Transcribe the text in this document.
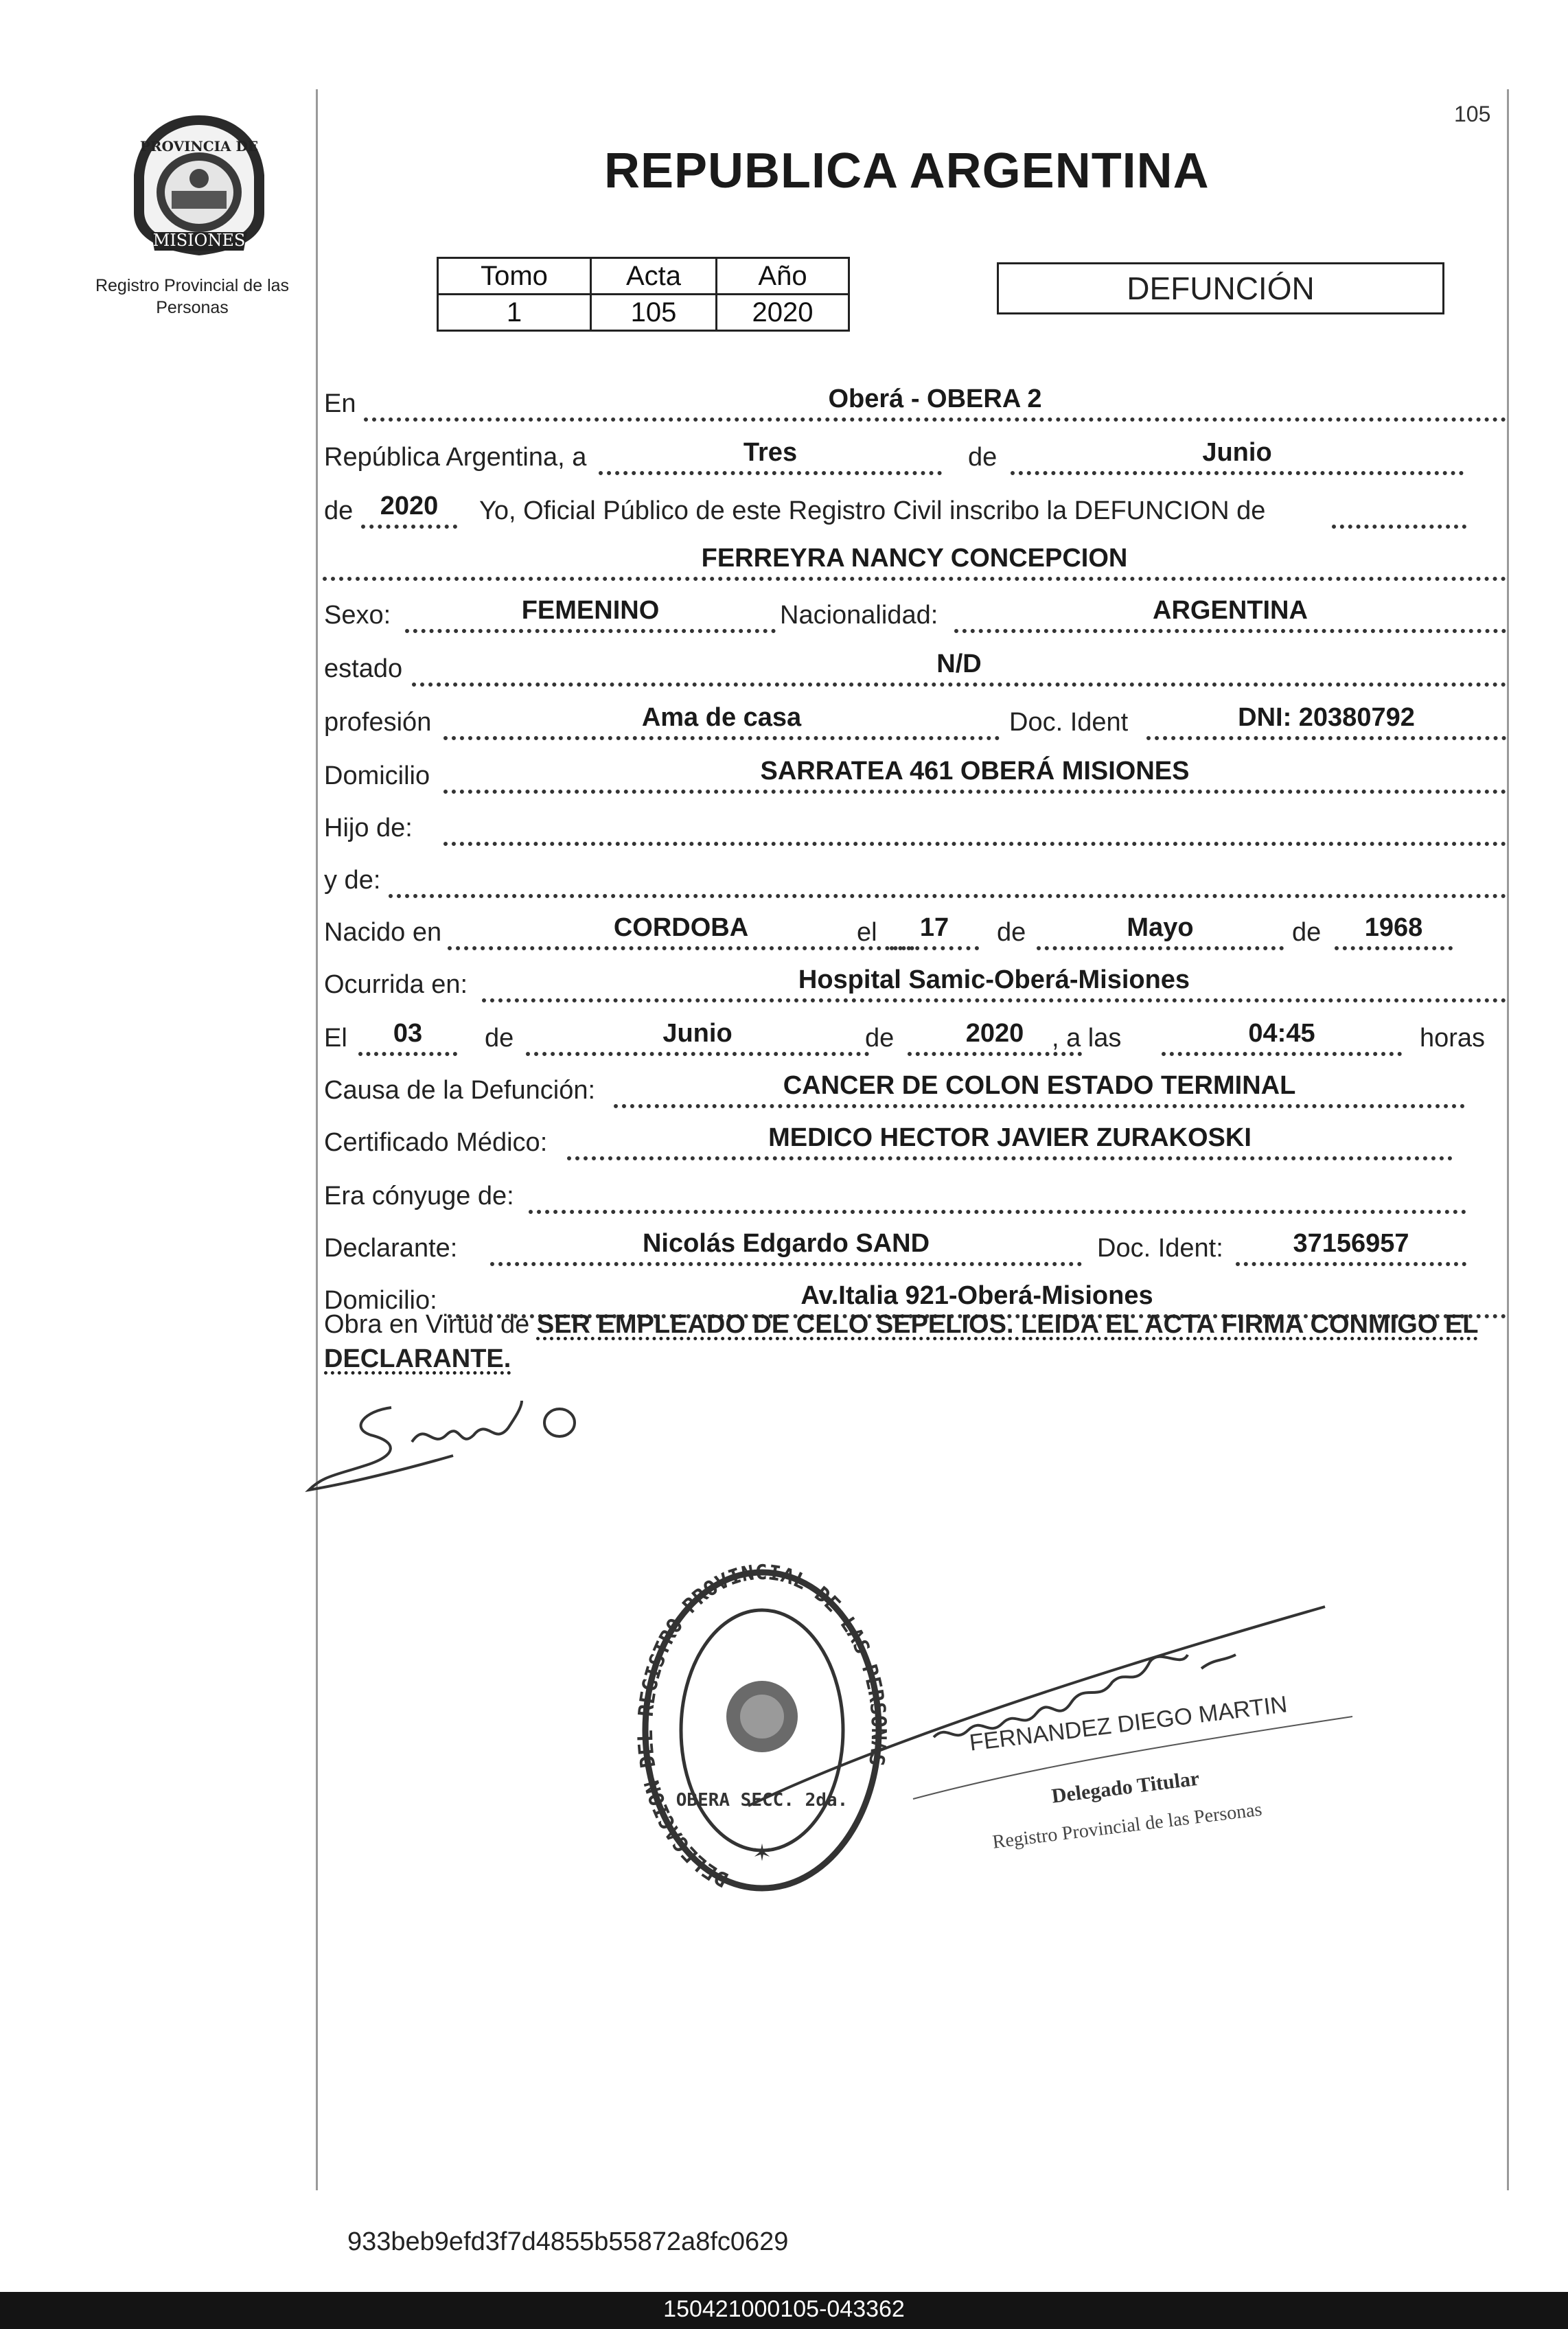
PROVINCIA DE
MISIONES
Registro Provincial de las Personas
105
REPUBLICA ARGENTINA
Tomo	Acta	Año
1	105	2020
DEFUNCIÓN
En	Oberá - OBERA 2
República Argentina, a	Tres	de	Junio
de	2020	Yo, Oficial Público de este Registro Civil inscribo la DEFUNCION de
FERREYRA NANCY CONCEPCION
Sexo:	FEMENINO	Nacionalidad:	ARGENTINA
estado	N/D
profesión	Ama de casa	Doc. Ident	DNI: 20380792
Domicilio	SARRATEA 461 OBERÁ MISIONES
Hijo de:
y de:
Nacido en	CORDOBA	el	17	de	Mayo	de	1968
Ocurrida en:	Hospital Samic-Oberá-Misiones
El	03	de	Junio	de	2020	, a las	04:45	horas
Causa de la Defunción:	CANCER DE COLON ESTADO TERMINAL
Certificado Médico:	MEDICO HECTOR JAVIER ZURAKOSKI
Era cónyuge de:
Declarante:	Nicolás Edgardo SAND	Doc. Ident:	37156957
Domicilio:	Av.Italia 921-Oberá-Misiones
Obra en Virtud de SER EMPLEADO DE CELO SEPELIOS. LEIDA EL ACTA FIRMA CONMIGO EL DECLARANTE.
DELEGACION DEL REGISTRO PROVINCIAL DE LAS PERSONAS
OBERA SECC. 2da.
✶
FERNANDEZ DIEGO MARTIN
Delegado Titular
Registro Provincial de las Personas
933beb9efd3f7d4855b55872a8fc0629
150421000105-043362
